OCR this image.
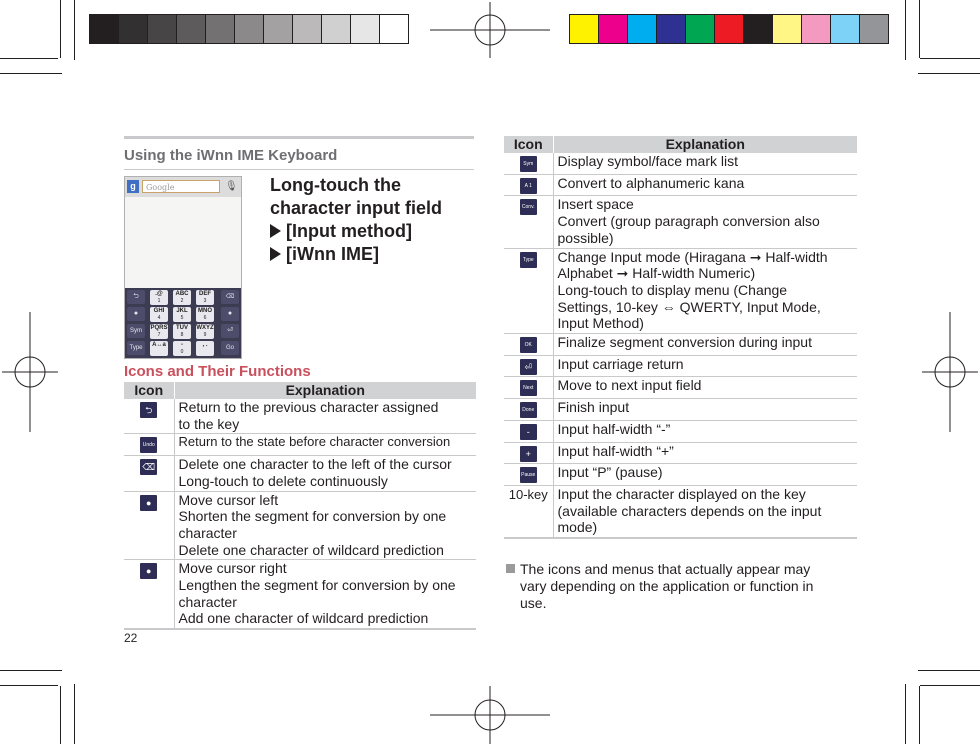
Using the iWnn IME Keyboard
g	Google	🎙
⮌
●
Sym
Type
⌫
●
⏎
Go
.@
1
ABC
2
DEF
3
GHI
4
JKL
5
MNO
6
PQRS
7
TUV
8
WXYZ
9
A↔a	-
0
, .
Long-touch the
character input field
[Input method]
[iWnn IME]
Icons and Their Functions
Icon	Explanation
⮌	Return to the previous character assigned
to the key

Undo	Return to the state before character conversion

⌫	Delete one character to the left of the cursor
Long-touch to delete continuously

●	Move cursor left
Shorten the segment for conversion by one
character
Delete one character of wildcard prediction

●	Move cursor right
Lengthen the segment for conversion by one
character
Add one character of wildcard prediction
22
Icon	Explanation
Sym	Display symbol/face mark list

A 1	Convert to alphanumeric kana

Conv.	Insert space
Convert (group paragraph conversion also
possible)

Type	Change Input mode (Hiragana ➞ Half-width
Alphabet ➞ Half-width Numeric)
Long-touch to display menu (Change
Settings, 10-key ⇔ QWERTY, Input Mode,
Input Method)

OK	Finalize segment conversion during input

⏎	Input carriage return

Next	Move to next input field

Done	Finish input

-	Input half-width “-”

+	Input half-width “+”

Pause	Input “P” (pause)

10-key	Input the character displayed on the key
(available characters depends on the input
mode)
The icons and menus that actually appear may
vary depending on the application or function in
use.
